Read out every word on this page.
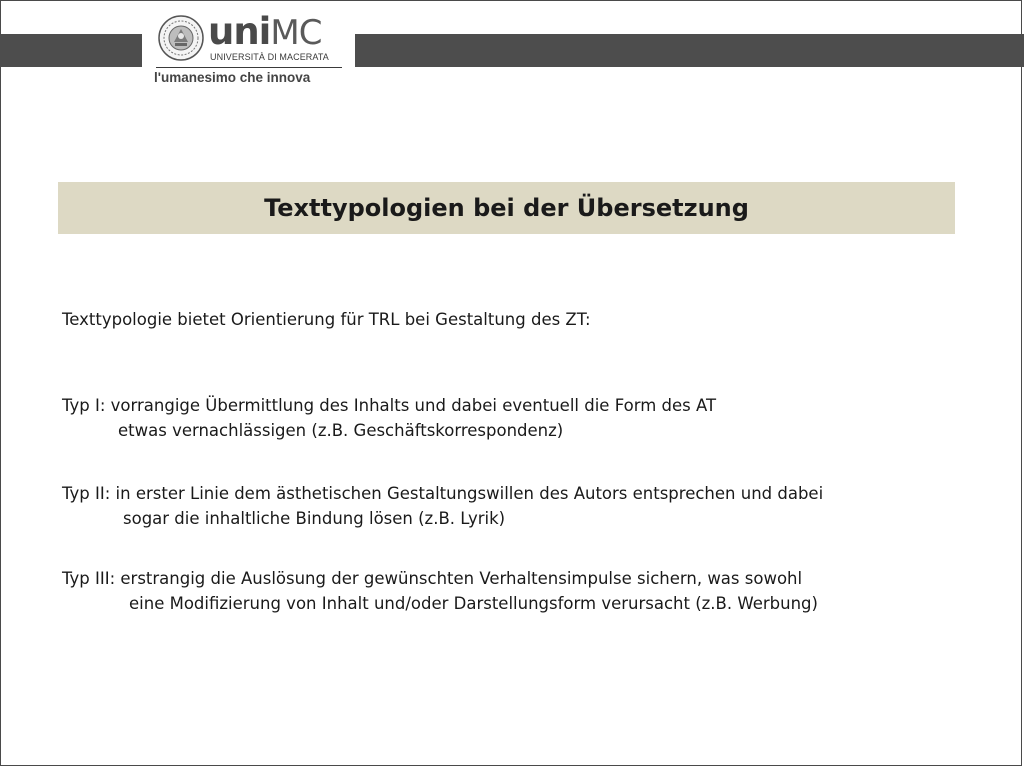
uniMC
UNIVERSITÀ DI MACERATA
l'umanesimo che innova
Texttypologien bei der Übersetzung
Texttypologie bietet Orientierung für TRL bei Gestaltung des ZT:
Typ I: vorrangige Übermittlung des Inhalts und dabei eventuell die Form des AT
etwas vernachlässigen (z.B. Geschäftskorrespondenz)
Typ II: in erster Linie dem ästhetischen Gestaltungswillen des Autors entsprechen und dabei
sogar die inhaltliche Bindung lösen (z.B. Lyrik)
Typ III: erstrangig die Auslösung der gewünschten Verhaltensimpulse sichern, was sowohl
eine Modifizierung von Inhalt und/oder Darstellungsform verursacht (z.B. Werbung)
